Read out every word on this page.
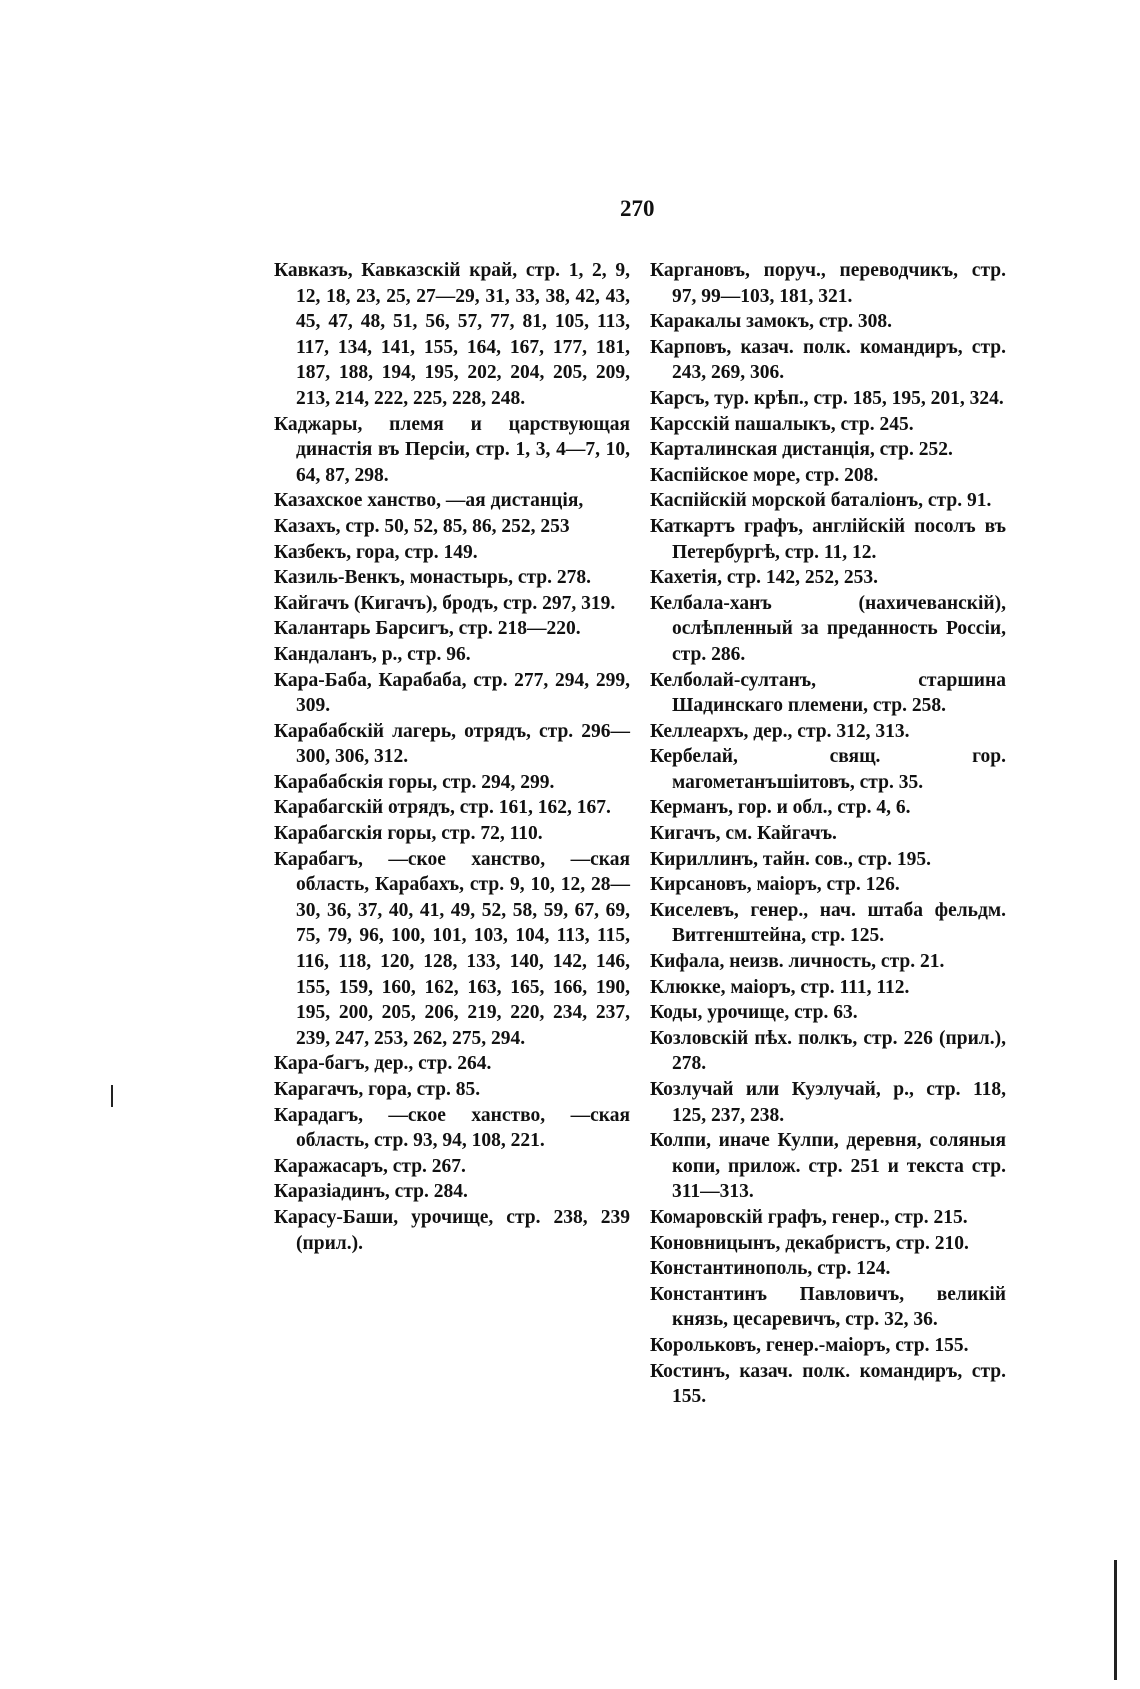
270

Кавказъ, Кавказскій край, стр. 1, 2, 9, 12, 18, 23, 25, 27—29, 31, 33, 38, 42, 43, 45, 47, 48, 51, 56, 57, 77, 81, 105, 113, 117, 134, 141, 155, 164, 167, 177, 181, 187, 188, 194, 195, 202, 204, 205, 209, 213, 214, 222, 225, 228, 248.

Каджары, племя и царствующая династія въ Персіи, стр. 1, 3, 4—7, 10, 64, 87, 298.

Казахское ханство, —ая дистанція,

Казахъ, стр. 50, 52, 85, 86, 252, 253

Казбекъ, гора, стр. 149.

Казиль-Венкъ, монастырь, стр. 278.

Кайгачъ (Кигачъ), бродъ, стр. 297, 319.

Калантарь Барсигъ, стр. 218—220.

Кандаланъ, р., стр. 96.

Кара-Баба, Карабаба, стр. 277, 294, 299, 309.

Карабабскій лагерь, отрядъ, стр. 296—300, 306, 312.

Карабабскія горы, стр. 294, 299.

Карабагскій отрядъ, стр. 161, 162, 167.

Карабагскія горы, стр. 72, 110.

Карабагъ, —ское ханство, —ская область, Карабахъ, стр. 9, 10, 12, 28—30, 36, 37, 40, 41, 49, 52, 58, 59, 67, 69, 75, 79, 96, 100, 101, 103, 104, 113, 115, 116, 118, 120, 128, 133, 140, 142, 146, 155, 159, 160, 162, 163, 165, 166, 190, 195, 200, 205, 206, 219, 220, 234, 237, 239, 247, 253, 262, 275, 294.

Кара-багъ, дер., стр. 264.

Карагачъ, гора, стр. 85.

Карадагъ, —ское ханство, —ская область, стр. 93, 94, 108, 221.

Каражасаръ, стр. 267.

Каразіадинъ, стр. 284.

Карасу-Баши, урочище, стр. 238, 239 (прил.).

Каргановъ, поруч., переводчикъ, стр. 97, 99—103, 181, 321.

Каракалы замокъ, стр. 308.

Карповъ, казач. полк. командиръ, стр. 243, 269, 306.

Карсъ, тур. крѣп., стр. 185, 195, 201, 324.

Карсскій пашалыкъ, стр. 245.

Карталинская дистанція, стр. 252.

Каспійское море, стр. 208.

Каспійскій морской баталіонъ, стр. 91.

Каткартъ графъ, англійскій посолъ въ Петербургѣ, стр. 11, 12.

Кахетія, стр. 142, 252, 253.

Келбала-ханъ (нахичеванскій), ослѣпленный за преданность Россіи, стр. 286.

Келболай-султанъ, старшина Шадинскаго племени, стр. 258.

Келлеархъ, дер., стр. 312, 313.

Кербелай, свящ. гор. магометанъшіитовъ, стр. 35.

Керманъ, гор. и обл., стр. 4, 6.

Кигачъ, см. Кайгачъ.

Кириллинъ, тайн. сов., стр. 195.

Кирсановъ, маіоръ, стр. 126.

Киселевъ, генер., нач. штаба фельдм. Витгенштейна, стр. 125.

Кифала, неизв. личность, стр. 21.

Клюкке, маіоръ, стр. 111, 112.

Коды, урочище, стр. 63.

Козловскій пѣх. полкъ, стр. 226 (прил.), 278.

Козлучай или Куэлучай, р., стр. 118, 125, 237, 238.

Колпи, иначе Кулпи, деревня, соляныя копи, прилож. стр. 251 и текста стр. 311—313.

Комаровскій графъ, генер., стр. 215.

Коновницынъ, декабристъ, стр. 210.

Константинополь, стр. 124.

Константинъ Павловичъ, великій князь, цесаревичъ, стр. 32, 36.

Корольковъ, генер.-маіоръ, стр. 155.

Костинъ, казач. полк. командиръ, стр. 155.
